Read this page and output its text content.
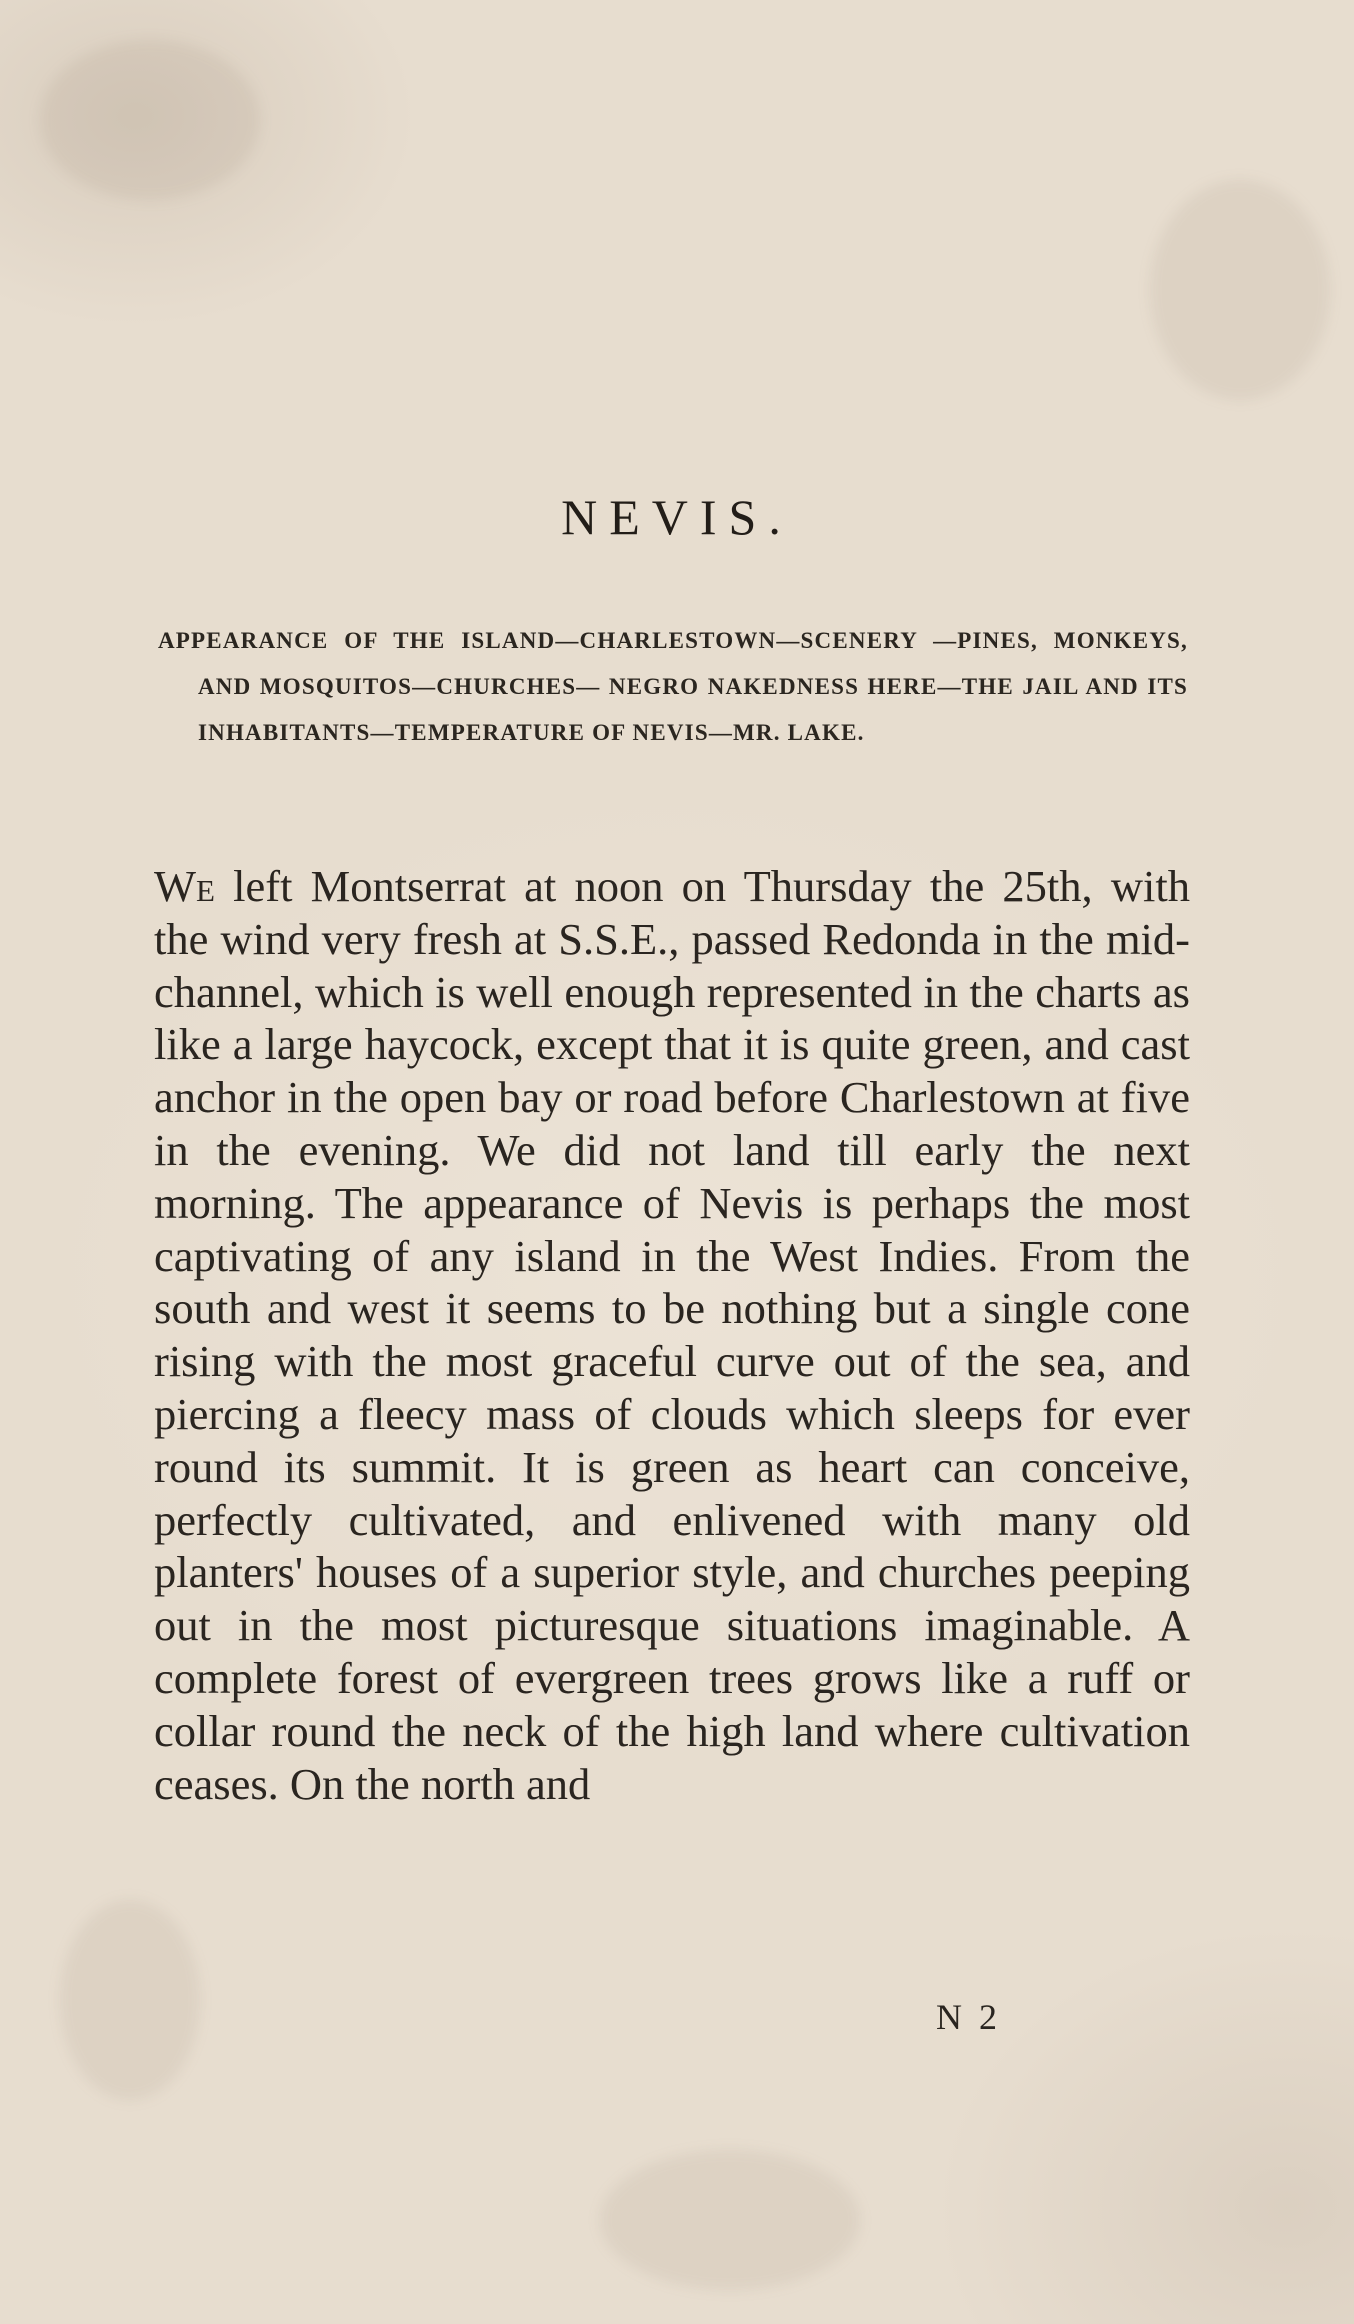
NEVIS.

APPEARANCE OF THE ISLAND—CHARLESTOWN—SCENERY —PINES, MONKEYS, AND MOSQUITOS—CHURCHES— NEGRO NAKEDNESS HERE—THE JAIL AND ITS INHABITANTS—TEMPERATURE OF NEVIS—MR. LAKE.

We left Montserrat at noon on Thursday the 25th, with the wind very fresh at S.S.E., passed Redonda in the mid-channel, which is well enough represented in the charts as like a large haycock, except that it is quite green, and cast anchor in the open bay or road before Charlestown at five in the evening. We did not land till early the next morning. The appearance of Nevis is perhaps the most captivating of any island in the West Indies. From the south and west it seems to be nothing but a single cone rising with the most graceful curve out of the sea, and piercing a fleecy mass of clouds which sleeps for ever round its summit. It is green as heart can conceive, perfectly cultivated, and enlivened with many old planters' houses of a superior style, and churches peeping out in the most picturesque situations imaginable. A complete forest of evergreen trees grows like a ruff or collar round the neck of the high land where cultivation ceases. On the north and

N 2
